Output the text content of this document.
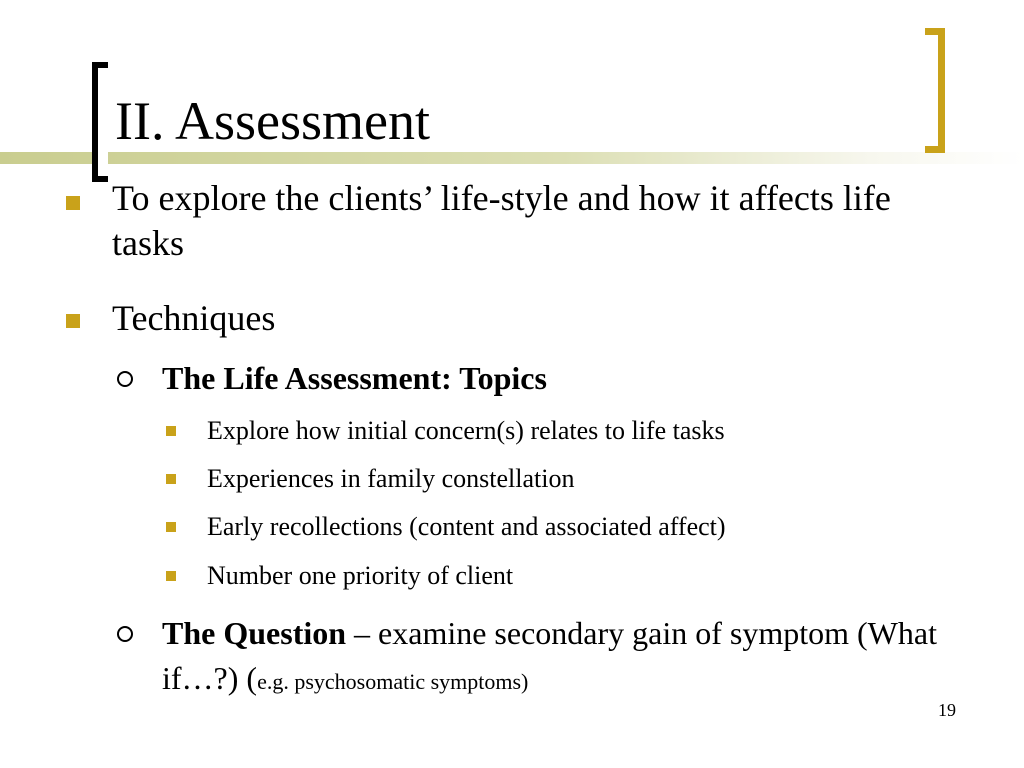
II. Assessment
To explore the clients’ life-style and how it affects life tasks
Techniques
The Life Assessment: Topics
Explore how initial concern(s) relates to life tasks
Experiences in family constellation
Early recollections (content and associated affect)
Number one priority of client
The Question – examine secondary gain of symptom (What if…?) (e.g. psychosomatic symptoms)
19
